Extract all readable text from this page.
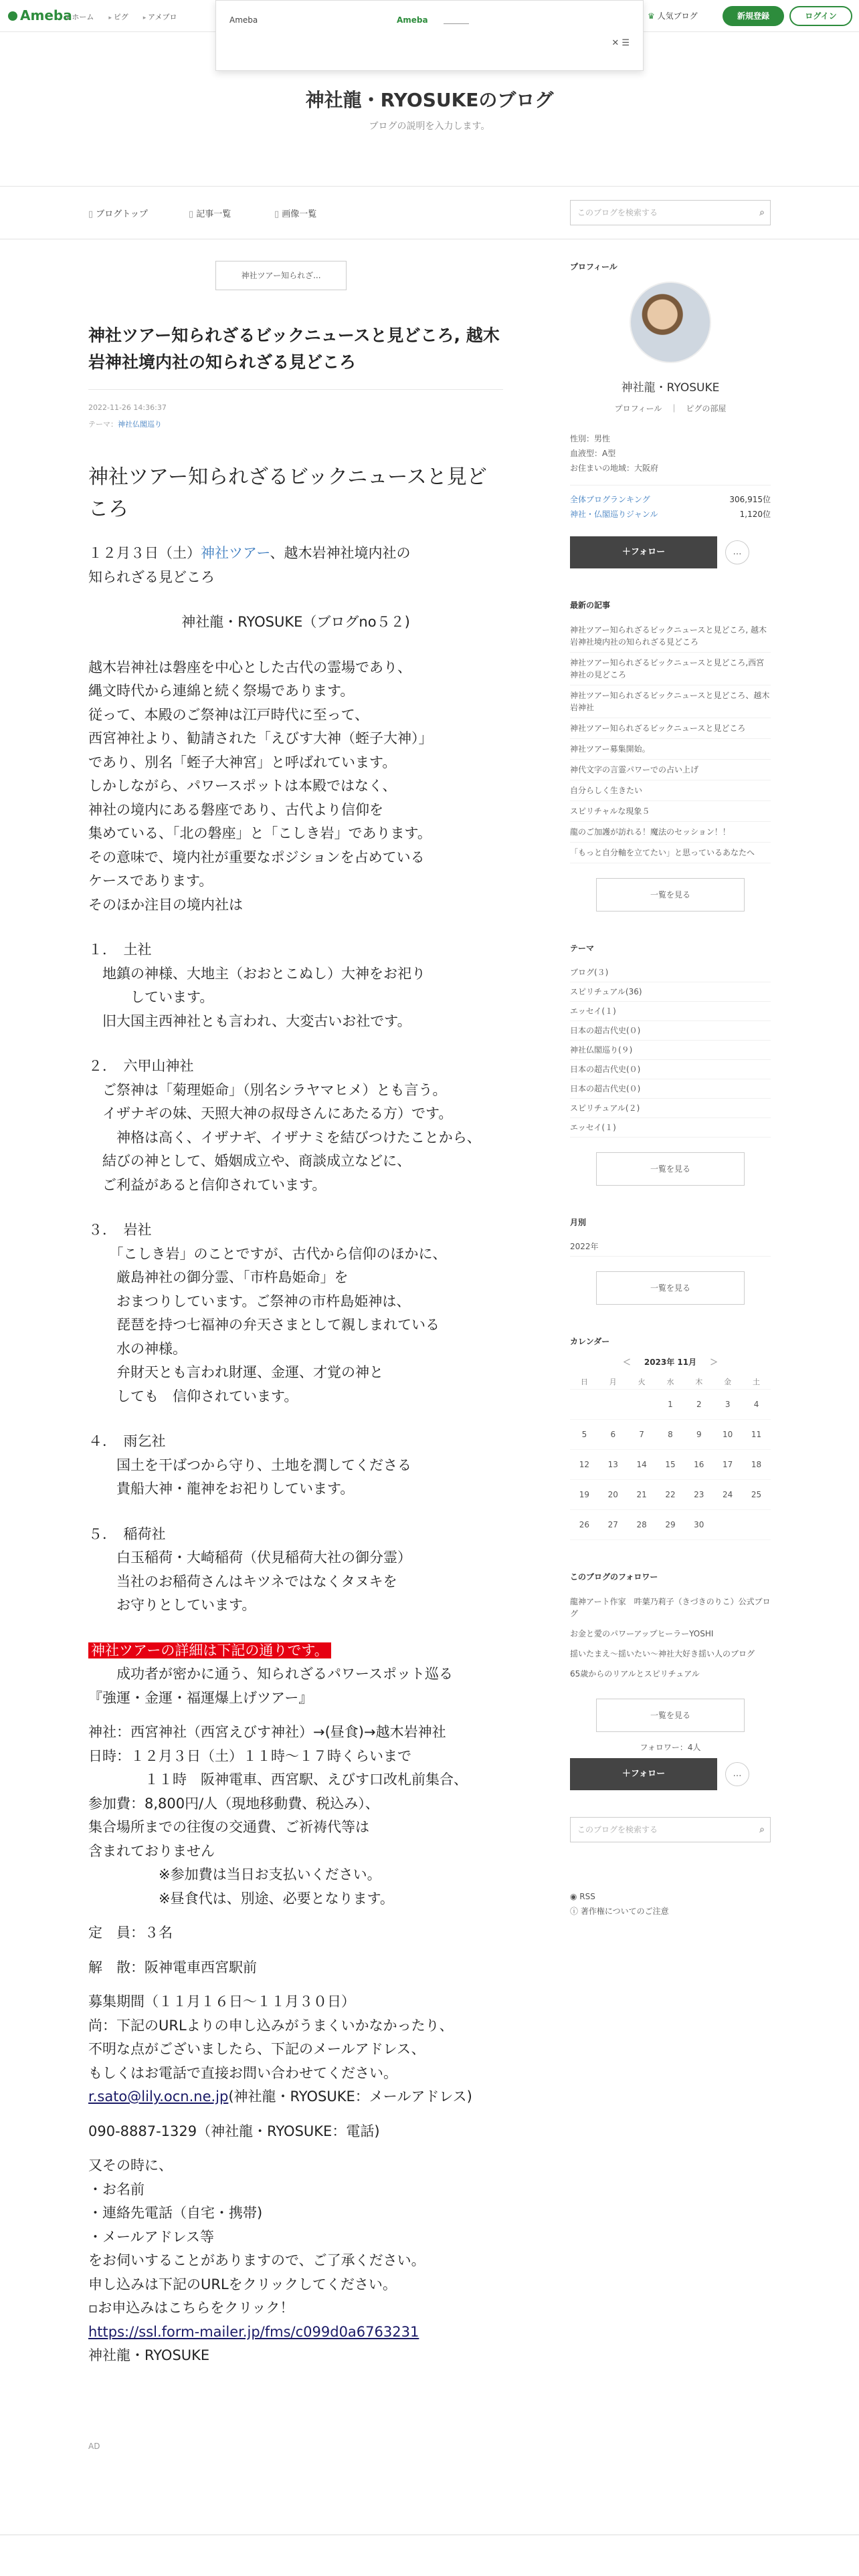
Ameba ▸ ホーム	▸ ピグ	▸ アメブロ	♛ 人気ブログ	新規登録	ログイン
Ameba	Ameba
✕ ☰
神社龍・RYOSUKEのブログ
ブログの説明を入力します。
▯ ブログトップ	▯ 記事一覧	▯ 画像一覧	このブログを検索する ⌕
神社ツアー知られざ...
神社ツアー知られざるビックニュースと見どころ, 越木岩神社境内社の知られざる見どころ
2022-11-26 14:36:37
テーマ：神社仏閣巡り
神社ツアー知られざるビックニュースと見どころ
１２月３日（土）神社ツアー、越木岩神社境内社の
知られざる見どころ
神社龍・RYOSUKE（ブログno５２)
越木岩神社は磐座を中心とした古代の霊場であり、
縄文時代から連綿と続く祭場であります。
従って、本殿のご祭神は江戸時代に至って、
西宮神社より、勧請された「えびす大神（蛭子大神）」
であり、別名「蛭子大神宮」と呼ばれています。
しかしながら、パワースポットは本殿ではなく、
神社の境内にある磐座であり、古代より信仰を
集めている、「北の磐座」と「こしき岩」であります。
その意味で、境内社が重要なポジションを占めている
ケースであります。
そのほか注目の境内社は
１．　土社
　地鎮の神様、大地主（おおとこぬし）大神をお祀り
　　　しています。
　旧大国主西神社とも言われ、大変古いお社です。
２．　六甲山神社
　ご祭神は「菊理姫命」（別名シラヤマヒメ）とも言う。
　イザナギの妹、天照大神の叔母さんにあたる方）です。
　　神格は高く、イザナギ、イザナミを結びつけたことから、
　結びの神として、婚姻成立や、商談成立などに、
　ご利益があると信仰されています。
３．　岩社
　　「こしき岩」のことですが、古代から信仰のほかに、
　　厳島神社の御分霊、「市杵島姫命」を
　　おまつりしています。ご祭神の市杵島姫神は、
　　琵琶を持つ七福神の弁天さまとして親しまれている
　　水の神様。
　　弁財天とも言われ財運、金運、才覚の神と
　　しても　信仰されています。
４．　雨乞社
　　国土を干ばつから守り、土地を潤してくださる
　　貴船大神・龍神をお祀りしています。
５．　稲荷社
　　白玉稲荷・大崎稲荷（伏見稲荷大社の御分霊）
　　当社のお稲荷さんはキツネではなくタヌキを
　　お守りとしています。
神社ツアーの詳細は下記の通りです。
　　成功者が密かに通う、知られざるパワースポット巡る
『強運・金運・福運爆上げツアー』
神社：西宮神社（西宮えびす神社）→(昼食)→越木岩神社
日時：１２月３日（土）１１時～１７時くらいまで
　　　　１１時　阪神電車、西宮駅、えびす口改札前集合、
参加費：8,800円/人（現地移動費、税込み）、
集合場所までの往復の交通費、ご祈祷代等は
含まれておりません
　　　　　※参加費は当日お支払いください。
　　　　　※昼食代は、別途、必要となります。
定　員：３名
解　散：阪神電車西宮駅前
募集期間（１１月１６日～１１月３０日）
尚：下記のURLよりの申し込みがうまくいかなかったり、
不明な点がございましたら、下記のメールアドレス、
もしくはお電話で直接お問い合わせてください。
r.sato@lily.ocn.ne.jp(神社龍・RYOSUKE：メールアドレス)
090-8887-1329（神社龍・RYOSUKE：電話)
又その時に、
・お名前
・連絡先電話（自宅・携帯)
・メールアドレス等
をお伺いすることがありますので、ご了承ください。
申し込みは下記のURLをクリックしてください。
▫お申込みはこちらをクリック！
https://ssl.form-mailer.jp/fms/c099d0a6763231
神社龍・RYOSUKE
AD
プロフィール
神社龍・RYOSUKE
プロフィール　｜　ピグの部屋
性別：男性
血液型：A型
お住まいの地域：大阪府
全体ブログランキング	306,915位
神社・仏閣巡りジャンル	1,120位
＋フォロー	…
最新の記事
神社ツアー知られざるビックニュースと見どころ, 越木岩神社境内社の知られざる見どころ
神社ツアー知られざるビックニュースと見どころ,西宮神社の見どころ
神社ツアー知られざるビックニュースと見どころ、越木岩神社
神社ツアー知られざるビックニュースと見どころ
神社ツアー募集開始。
神代文字の言霊パワーでの占い上げ
自分らしく生きたい
スピリチャルな現象５
龍のご加護が訪れる！魔法のセッション！！
「もっと自分軸を立てたい」と思っているあなたへ
一覧を見る
テーマ
ブログ(３)
スピリチュアル(36)
エッセイ(１)
日本の超古代史(０)
神社仏閣巡り(９)
日本の超古代史(０)
日本の超古代史(０)
スピリチュアル(２)
エッセイ(１)
一覧を見る
月別
2022年
一覧を見る
カレンダー
＜ 2023年 11月 ＞
日	月	火	水	木	金	土
			1	2	3	4
5	6	7	8	9	10	11
12	13	14	15	16	17	18
19	20	21	22	23	24	25
26	27	28	29	30		
このブログのフォロワー
龍神アート作家　吽葉乃莉子（きづきのりこ）公式ブログ
お金と愛のパワーアップヒーラーYOSHI
揺いたまえ〜揺いたい〜神社大好き揺い人のブログ
65歳からのリアルとスピリチュアル
一覧を見る
フォロワー：4人
＋フォロー	…
このブログを検索する ⌕
◉ RSS
ⓘ 著作権についてのご注意
